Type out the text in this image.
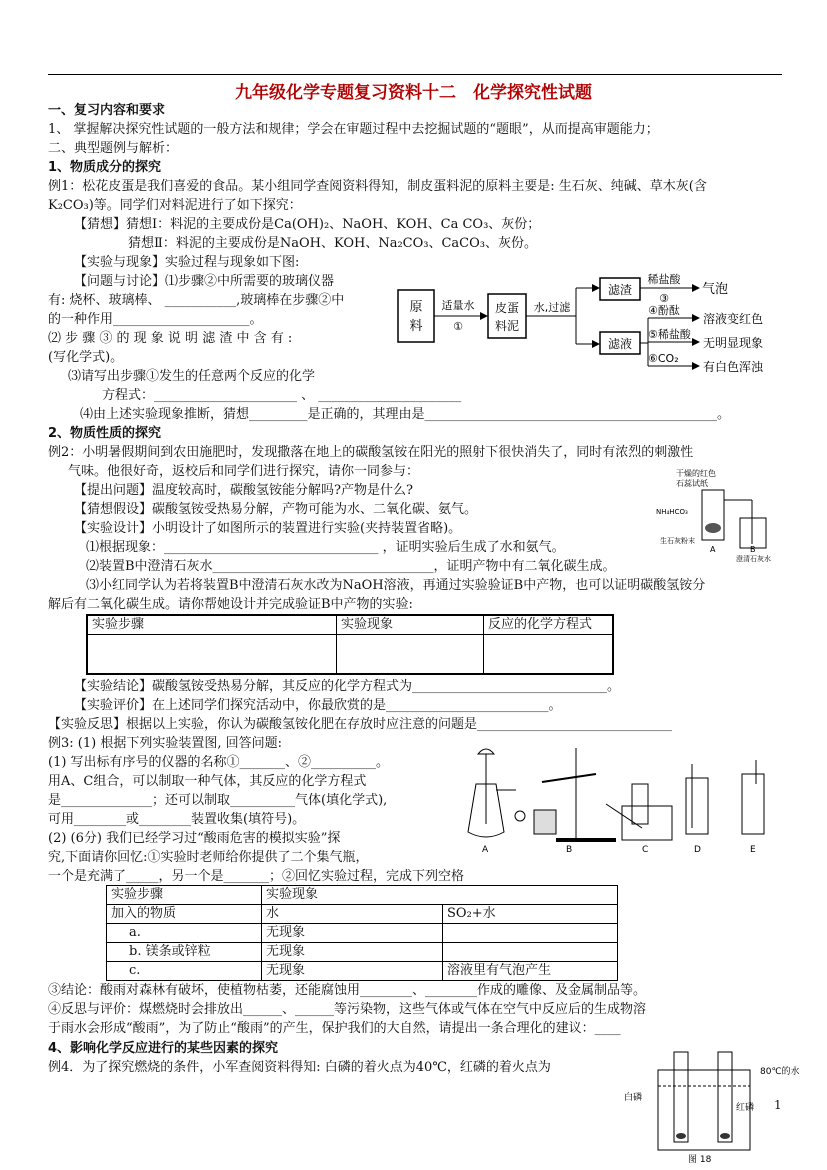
九年级化学专题复习资料十二　化学探究性试题
一、复习内容和要求
1、 掌握解决探究性试题的一般方法和规律；学会在审题过程中去挖掘试题的“题眼”，从而提高审题能力；
二、典型题例与解析：
1、物质成分的探究
例1：松花皮蛋是我们喜爱的食品。某小组同学查阅资料得知，制皮蛋料泥的原料主要是: 生石灰、纯碱、草木灰(含
K₂CO₃)等。同学们对料泥进行了如下探究：
【猜想】猜想Ⅰ：料泥的主要成份是Ca(OH)₂、NaOH、KOH、Ca CO₃、灰份；
猜想Ⅱ：料泥的主要成份是NaOH、KOH、Na₂CO₃、CaCO₃、灰份。
【实验与现象】实验过程与现象如下图:
【问题与讨论】⑴步骤②中所需要的玻璃仪器
有: 烧杯、玻璃棒、 ___________,玻璃棒在步骤②中
的一种作用_____________________。
⑵ 步 骤 ③ 的 现 象 说 明 滤 渣 中 含 有 :
(写化学式)。
⑶请写出步骤①发生的任意两个反应的化学
方程式：______________________ 、 ______________________
⑷由上述实验现象推断，猜想_________是正确的，其理由是_____________________________________________。
原
料
适量水
①
皮蛋
料泥
水,过滤
滤渣
滤液
稀盐酸
③
气泡
④酚酞
⑤稀盐酸
⑥CO₂
溶液变红色
无明显现象
有白色浑浊
2、物质性质的探究
例2：小明暑假期间到农田施肥时，发现撒落在地上的碳酸氢铵在阳光的照射下很快消失了，同时有浓烈的刺激性
气味。他很好奇，返校后和同学们进行探究，请你一同参与：
【提出问题】温度较高时，碳酸氢铵能分解吗?产物是什么?
【猜想假设】碳酸氢铵受热易分解，产物可能为水、二氧化碳、氨气。
【实验设计】小明设计了如图所示的装置进行实验(夹持装置省略)。
⑴根据现象：_________________________________ ，证明实验后生成了水和氨气。
⑵装置B中澄清石灰水__________________________________，证明产物中有二氧化碳生成。
⑶小红同学认为若将装置B中澄清石灰水改为NaOH溶液，再通过实验验证B中产物，也可以证明碳酸氢铵分
解后有二氧化碳生成。请你帮她设计并完成验证B中产物的实验:
干燥的红色
石蕊试纸
NH₄HCO₃
A	B
生石灰粉末
澄清石灰水
实验步骤	实验现象	反应的化学方程式

【实验结论】碳酸氢铵受热易分解，其反应的化学方程式为______________________________。
【实验评价】在上述同学们探究活动中，你最欣赏的是_________________________。
【实验反思】根据以上实验，你认为碳酸氢铵化肥在存放时应注意的问题是______________________________
例3: (1) 根据下列实验装置图, 回答问题:
(1) 写出标有序号的仪器的名称①_______、②__________。
用A、C组合，可以制取一种气体，其反应的化学方程式
是______________；还可以制取__________气体(填化学式),
可用________或________装置收集(填符号)。
(2) (6分) 我们已经学习过“酸雨危害的模拟实验”探
究,下面请你回忆:①实验时老师给你提供了二个集气瓶，
一个是充满了_____，另一个是_______；②回忆实验过程，完成下列空格
A	B	C	D	E
实验步骤	实验现象	
加入的物质	水	SO₂+水
a.	无现象	
b. 镁条或锌粒	无现象	
c.	无现象	溶液里有气泡产生
③结论：酸雨对森林有破坏，使植物枯萎，还能腐蚀用________、________作成的雕像、及金属制品等。
④反思与评价：煤燃烧时会排放出______、______等污染物，这些气体或气体在空气中反应后的生成物溶
于雨水会形成“酸雨”，为了防止“酸雨”的产生，保护我们的大自然，请提出一条合理化的建议：____
4、影响化学反应进行的某些因素的探究
例4．为了探究燃烧的条件，小军查阅资料得知: 白磷的着火点为40℃，红磷的着火点为	80℃的水
白磷
红磷
图 18
1
